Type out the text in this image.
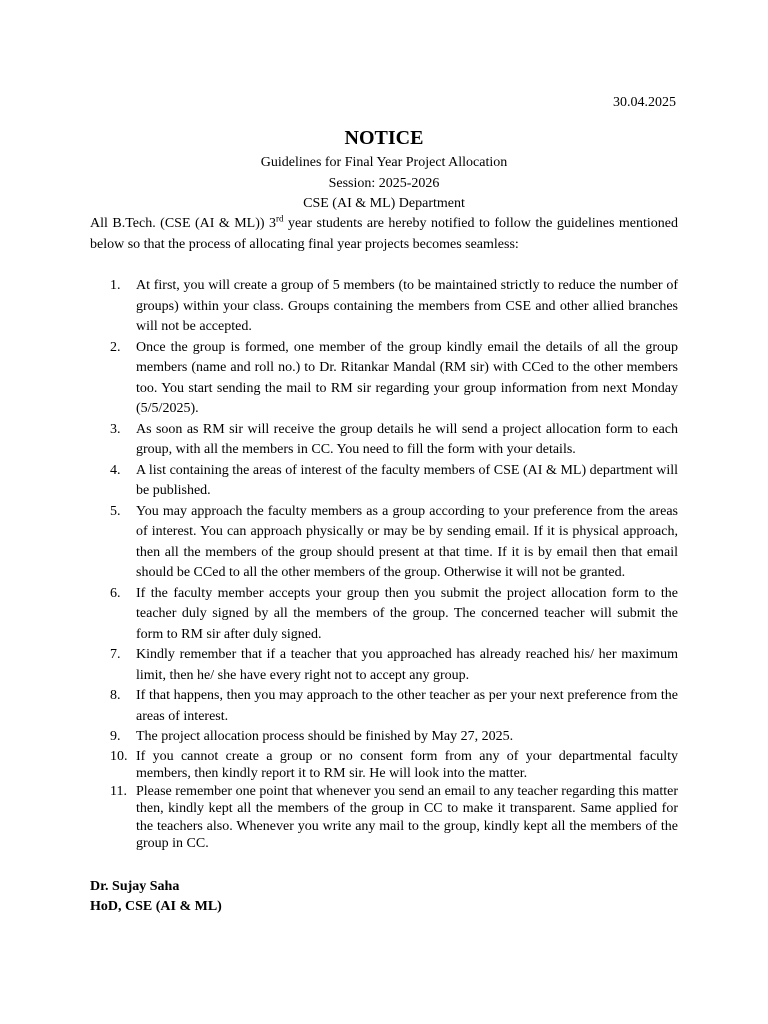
30.04.2025
NOTICE
Guidelines for Final Year Project Allocation
Session: 2025-2026
CSE (AI & ML) Department
All B.Tech. (CSE (AI & ML)) 3rd year students are hereby notified to follow the guidelines mentioned below so that the process of allocating final year projects becomes seamless:
1.	At first, you will create a group of 5 members (to be maintained strictly to reduce the number of groups) within your class. Groups containing the members from CSE and other allied branches will not be accepted.
2.	Once the group is formed, one member of the group kindly email the details of all the group members (name and roll no.) to Dr. Ritankar Mandal (RM sir) with CCed to the other members too. You start sending the mail to RM sir regarding your group information from next Monday (5/5/2025).
3.	As soon as RM sir will receive the group details he will send a project allocation form to each group, with all the members in CC. You need to fill the form with your details.
4.	A list containing the areas of interest of the faculty members of CSE (AI & ML) department will be published.
5.	You may approach the faculty members as a group according to your preference from the areas of interest. You can approach physically or may be by sending email. If it is physical approach, then all the members of the group should present at that time. If it is by email then that email should be CCed to all the other members of the group. Otherwise it will not be granted.
6.	If the faculty member accepts your group then you submit the project allocation form to the teacher duly signed by all the members of the group. The concerned teacher will submit the form to RM sir after duly signed.
7.	Kindly remember that if a teacher that you approached has already reached his/ her maximum limit, then he/ she have every right not to accept any group.
8.	If that happens, then you may approach to the other teacher as per your next preference from the areas of interest.
9.	The project allocation process should be finished by May 27, 2025.
10. If you cannot create a group or no consent form from any of your departmental faculty members, then kindly report it to RM sir. He will look into the matter.
11. Please remember one point that whenever you send an email to any teacher regarding this matter then, kindly kept all the members of the group in CC to make it transparent. Same applied for the teachers also. Whenever you write any mail to the group, kindly kept all the members of the group in CC.
Dr. Sujay Saha
HoD, CSE (AI & ML)
